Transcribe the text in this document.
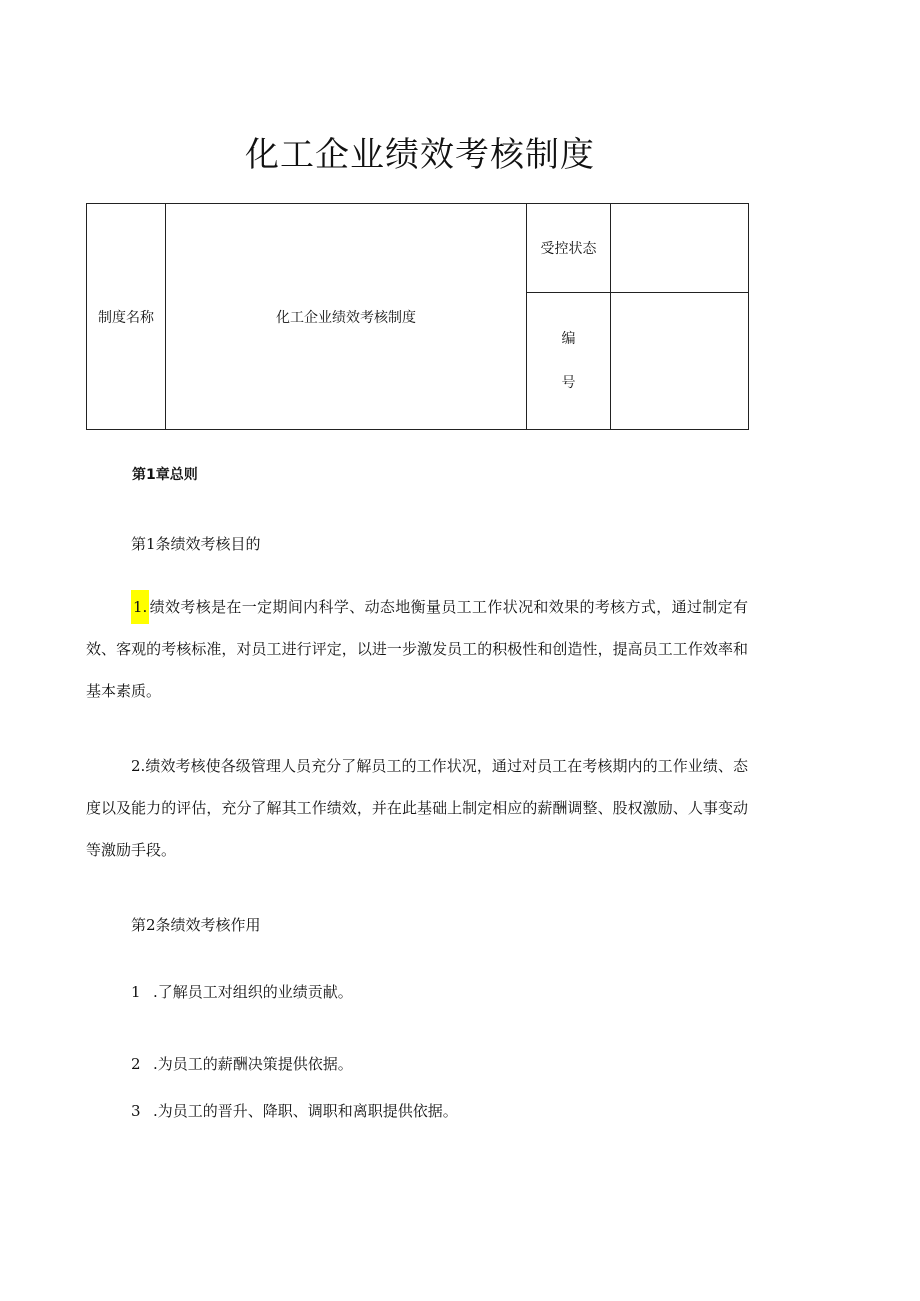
化工企业绩效考核制度
制度名称	化工企业绩效考核制度	受控状态	

		编
号	

第1章总则
第1条绩效考核目的
1. 绩效考核是在一定期间内科学、动态地衡量员工工作状况和效果的考核方式，通过制定有效、客观的考核标准，对员工进行评定，以进一步激发员工的积极性和创造性，提高员工工作效率和基本素质。
2.绩效考核使各级管理人员充分了解员工的工作状况，通过对员工在考核期内的工作业绩、态度以及能力的评估，充分了解其工作绩效，并在此基础上制定相应的薪酬调整、股权激励、人事变动等激励手段。
第2条绩效考核作用
1 .了解员工对组织的业绩贡献。
2 .为员工的薪酬决策提供依据。
3 .为员工的晋升、降职、调职和离职提供依据。
